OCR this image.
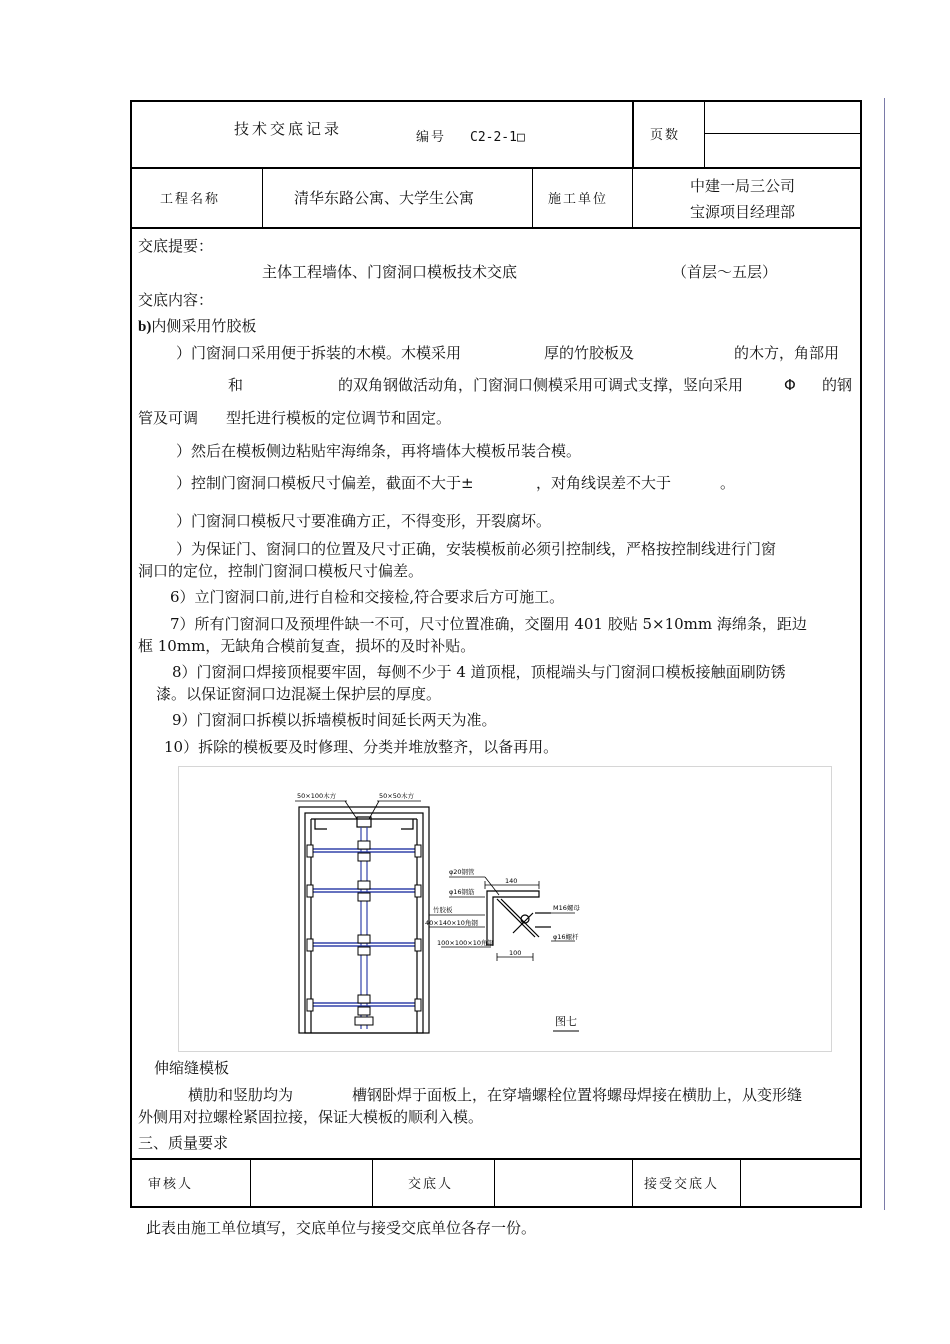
技术交底记录	编号 C2-2-1□	页数
工程名称	清华东路公寓、大学生公寓	施工单位
中建一局三公司
宝源项目经理部
交底提要：
主体工程墙体、门窗洞口模板技术交底	（首层～五层）
交底内容：
b)内侧采用竹胶板
）门窗洞口采用便于拆装的木模。木模采用	厚的竹胶板及	的木方，角部用
和	的双角钢做活动角，门窗洞口侧模采用可调式支撑，竖向采用	Φ 的钢
管及可调 型托进行模板的定位调节和固定。
）然后在模板侧边粘贴牢海绵条，再将墙体大模板吊装合模。
）控制门窗洞口模板尺寸偏差，截面不大于±	，对角线误差不大于	。
）门窗洞口模板尺寸要准确方正，不得变形，开裂腐坏。
）为保证门、窗洞口的位置及尺寸正确，安装模板前必须引控制线，严格按控制线进行门窗
洞口的定位，控制门窗洞口模板尺寸偏差。
6）立门窗洞口前,进行自检和交接检,符合要求后方可施工。
7）所有门窗洞口及预埋件缺一不可，尺寸位置准确，交圈用 401 胶贴 5×10mm 海绵条，距边
框 10mm，无缺角合模前复查，损坏的及时补贴。
8）门窗洞口焊接顶棍要牢固，每侧不少于 4 道顶棍，顶棍端头与门窗洞口模板接触面刷防锈
漆。以保证窗洞口边混凝土保护层的厚度。
9）门窗洞口拆模以拆墙模板时间延长两天为准。
10）拆除的模板要及时修理、分类并堆放整齐，以备再用。
50×100木方	50×50木方
φ20钢管
φ16钢筋
竹胶板
40×140×10角钢
100×100×10角钢
M16螺母
φ16螺杆
140
100
图七
伸缩缝模板
横肋和竖肋均为	槽钢卧焊于面板上，在穿墙螺栓位置将螺母焊接在横肋上，从变形缝
外侧用对拉螺栓紧固拉接，保证大模板的顺利入模。
三、质量要求
审核人	交底人	接受交底人
此表由施工单位填写，交底单位与接受交底单位各存一份。
